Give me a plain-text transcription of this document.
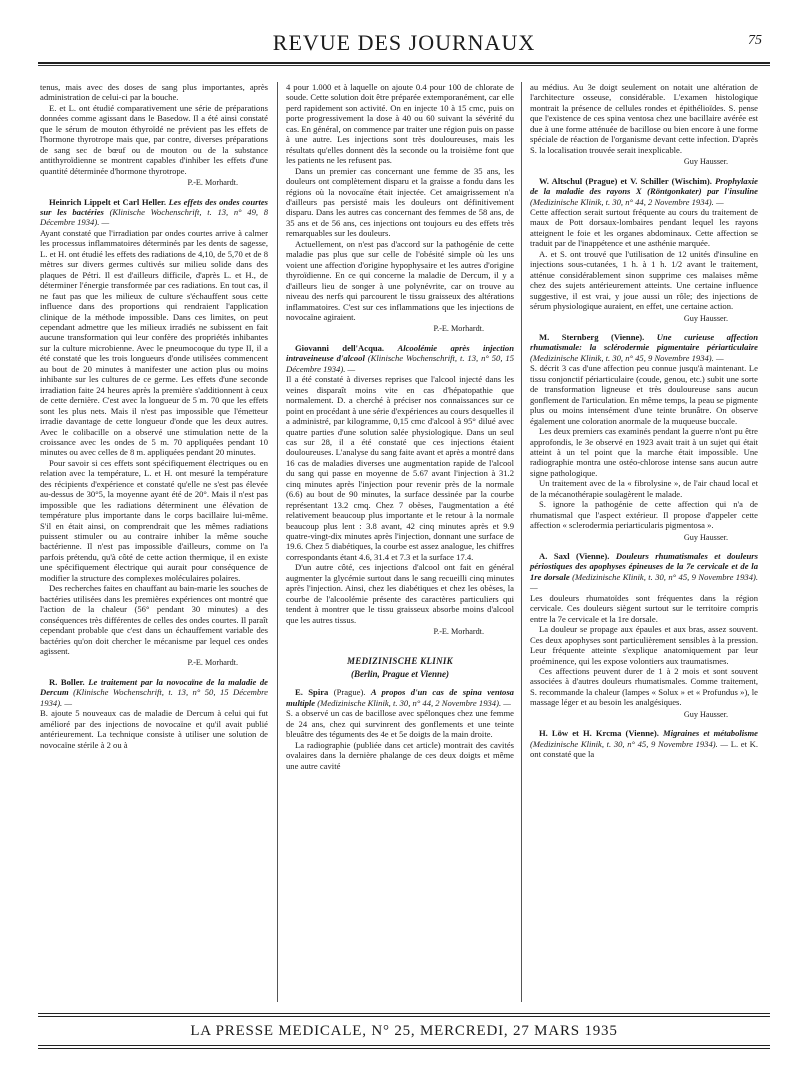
REVUE DES JOURNAUX	75

tenus, mais avec des doses de sang plus importantes, après administration de celui-ci par la bouche.

E. et L. ont étudié comparativement une série de préparations données comme agissant dans le Basedow. Il a été ainsi constaté que le sérum de mouton éthyroïdé ne prévient pas les effets de l'hormone thyrotrope mais que, par contre, diverses préparations de sang sec de bœuf ou de mouton ou de la substance antithyroïdienne se montrent capables d'inhiber les effets d'une quantité déterminée d'hormone thyrotrope.

P.-E. Morhardt.

Heinrich Lippelt et Carl Heller. Les effets des ondes courtes sur les bactéries (Klinische Wochenschrift, t. 13, n° 49, 8 Décembre 1934). —

Ayant constaté que l'irradiation par ondes courtes arrive à calmer les processus inflammatoires déterminés par les dents de sagesse, L. et H. ont étudié les effets des radiations de 4,10, de 5,70 et de 8 mètres sur divers germes cultivés sur milieu solide dans des plaques de Pétri. Il est d'ailleurs difficile, d'après L. et H., de déterminer l'énergie transformée par ces radiations. En tout cas, il ne faut pas que les milieux de culture s'échauffent sous cette influence dans des proportions qui rendraient l'application clinique de la méthode impossible. Dans ces limites, on peut cependant admettre que les milieux irradiés ne subissent en fait aucune transformation qui leur confère des propriétés inhibantes sur la culture microbienne. Avec le pneumocoque du type II, il a été constaté que les trois longueurs d'onde utilisées commencent au bout de 20 minutes à manifester une action plus ou moins inhibante sur les cultures de ce germe. Les effets d'une seconde irradiation faite 24 heures après la première s'additionnent à ceux de cette dernière. C'est avec la longueur de 5 m. 70 que les effets sont les plus nets. Mais il n'est pas impossible que l'émetteur irradie davantage de cette longueur d'onde que les deux autres. Avec le colibacille on a observé une stimulation nette de la croissance avec les ondes de 5 m. 70 appliquées pendant 10 minutes ou avec celles de 8 m. appliquées pendant 20 minutes.

Pour savoir si ces effets sont spécifiquement électriques ou en relation avec la température, L. et H. ont mesuré la température des récipients d'expérience et constaté qu'elle ne s'est pas élevée au-dessus de 30°5, la moyenne ayant été de 20°. Mais il n'est pas impossible que les radiations déterminent une élévation de température plus importante dans le corps bacillaire lui-même. S'il en était ainsi, on comprendrait que les mêmes radiations puissent stimuler ou au contraire inhiber la même souche bactérienne. Il n'est pas impossible d'ailleurs, comme on l'a parfois prétendu, qu'à côté de cette action thermique, il en existe une spécifiquement électrique qui aurait pour conséquence de modifier la structure des complexes moléculaires polaires.

Des recherches faites en chauffant au bain-marie les souches de bactéries utilisées dans les premières expériences ont montré que l'action de la chaleur (56° pendant 30 minutes) a des conséquences très différentes de celles des ondes courtes. Il paraît cependant probable que c'est dans un échauffement variable des bactéries qu'on doit chercher le mécanisme par lequel ces ondes agissent.

P.-E. Morhardt.

R. Boller. Le traitement par la novocaïne de la maladie de Dercum (Klinische Wochenschrift, t. 13, n° 50, 15 Décembre 1934). —

B. ajoute 5 nouveaux cas de maladie de Dercum à celui qui fut amélioré par des injections de novocaïne et qu'il avait publié antérieurement. La technique consiste à utiliser une solution de novocaïne stérile à 2 ou à

4 pour 1.000 et à laquelle on ajoute 0.4 pour 100 de chlorate de soude. Cette solution doit être préparée extemporanément, car elle perd rapidement son activité. On en injecte 10 à 15 cmc, puis on porte progressivement la dose à 40 ou 60 suivant la sévérité du cas. En général, on commence par traiter une région puis on passe à une autre. Les injections sont très douloureuses, mais les résultats qu'elles donnent dès la seconde ou la troisième font que les patients ne les refusent pas.

Dans un premier cas concernant une femme de 35 ans, les douleurs ont complètement disparu et la graisse a fondu dans les régions où la novocaïne était injectée. Cet amaigrissement n'a d'ailleurs pas persisté mais les douleurs ont définitivement disparu. Dans les autres cas concernant des femmes de 58 ans, de 35 ans et de 56 ans, ces injections ont toujours eu des effets très remarquables sur les douleurs.

Actuellement, on n'est pas d'accord sur la pathogénie de cette maladie pas plus que sur celle de l'obésité simple où les uns voient une affection d'origine hypophysaire et les autres d'origine thyroïdienne. En ce qui concerne la maladie de Dercum, il y a d'ailleurs lieu de songer à une polynévrite, car on trouve au niveau des nerfs qui parcourent le tissu graisseux des altérations inflammatoires. C'est sur ces inflammations que les injections de novocaïne agiraient.

P.-E. Morhardt.

Giovanni dell'Acqua. Alcoolémie après injection intraveineuse d'alcool (Klinische Wochenschrift, t. 13, n° 50, 15 Décembre 1934). —

Il a été constaté à diverses reprises que l'alcool injecté dans les veines disparaît moins vite en cas d'hépatopathie que normalement. D. a cherché à préciser nos connaissances sur ce point en procédant à une série d'expériences au cours desquelles il a administré, par kilogramme, 0,15 cmc d'alcool à 95° dilué avec quatre parties d'une solution salée physiologique. Dans un seul cas sur 28, il a été constaté que ces injections étaient douloureuses. L'analyse du sang faite avant et après a montré dans 16 cas de maladies diverses une augmentation rapide de l'alcool du sang qui passe en moyenne de 5.67 avant l'injection à 31.2 cinq minutes après l'injection pour revenir près de la normale (6.6) au bout de 90 minutes, la surface dessinée par la courbe représentant 13.2 cmq. Chez 7 obèses, l'augmentation a été relativement beaucoup plus importante et le retour à la normale beaucoup plus lent : 3.8 avant, 42 cinq minutes après et 9.9 quatre-vingt-dix minutes après l'injection, donnant une surface de 19.6. Chez 5 diabétiques, la courbe est assez analogue, les chiffres correspondants étant 4.6, 31.4 et 7.3 et la surface 17.4.

D'un autre côté, ces injections d'alcool ont fait en général augmenter la glycémie surtout dans le sang recueilli cinq minutes après l'injection. Ainsi, chez les diabétiques et chez les obèses, la courbe de l'alcoolémie présente des caractères particuliers qui tendent à montrer que le tissu graisseux absorbe moins d'alcool que les autres tissus.

P.-E. Morhardt.

MEDIZINISCHE KLINIK

(Berlin, Prague et Vienne)

E. Spira (Prague). A propos d'un cas de spina ventosa multiple (Medizinische Klinik, t. 30, n° 44, 2 Novembre 1934). —

S. a observé un cas de bacillose avec spélonques chez une femme de 24 ans, chez qui survinrent des gonflements et une teinte bleuâtre des téguments des 4e et 5e doigts de la main droite.

La radiographie (publiée dans cet article) montrait des cavités ovalaires dans la dernière phalange de ces deux doigts et même une autre cavité

au médius. Au 3e doigt seulement on notait une altération de l'architecture osseuse, considérable. L'examen histologique montrait la présence de cellules rondes et épithélioïdes. S. pense que l'existence de ces spina ventosa chez une bacillaire avérée est due à une forme atténuée de bacillose ou bien encore à une forme spéciale de réaction de l'organisme devant cette infection. D'après S. la localisation trouvée serait inexplicable.

Guy Hausser.

W. Altschul (Prague) et V. Schiller (Wischim). Prophylaxie de la maladie des rayons X (Röntgonkater) par l'insuline (Medizinische Klinik, t. 30, n° 44, 2 Novembre 1934). —

Cette affection serait surtout fréquente au cours du traitement de maux de Pott dorsaux-lombaires pendant lequel les rayons atteignent le foie et les organes abdominaux. Cette affection se traduit par de l'inappétence et une asthénie marquée.

A. et S. ont trouvé que l'utilisation de 12 unités d'insuline en injections sous-cutanées, 1 h. à 1 h. 1/2 avant le traitement, atténue considérablement sinon supprime ces malaises même chez des sujets antérieurement atteints. Une certaine influence suggestive, il est vrai, y joue aussi un rôle; des injections de sérum physiologique auraient, en effet, une certaine action.

Guy Hausser.

M. Sternberg (Vienne). Une curieuse affection rhumatismale: la sclérodermie pigmentaire périarticulaire (Medizinische Klinik, t. 30, n° 45, 9 Novembre 1934). —

S. décrit 3 cas d'une affection peu connue jusqu'à maintenant. Le tissu conjonctif périarticulaire (coude, genou, etc.) subit une sorte de transformation ligneuse et très douloureuse sans aucun gonflement de l'articulation. En même temps, la peau se pigmente plus ou moins intensément d'une teinte brunâtre. On observe également une coloration anormale de la muqueuse buccale.

Les deux premiers cas examinés pendant la guerre n'ont pu être approfondis, le 3e observé en 1923 avait trait à un sujet qui était atteint à un tel point que la marche était impossible. Une radiographie montra une ostéo-chlorose intense sans aucun autre signe pathologique.

Un traitement avec de la « fibrolysine », de l'air chaud local et de la mécanothérapie soulagèrent le malade.

S. ignore la pathogénie de cette affection qui n'a de rhumatismal que l'aspect extérieur. Il propose d'appeler cette affection « sclerodermia periarticularis pigmentosa ».

Guy Hausser.

A. Saxl (Vienne). Douleurs rhumatismales et douleurs périostiques des apophyses épineuses de la 7e cervicale et de la 1re dorsale (Medizinische Klinik, t. 30, n° 45, 9 Novembre 1934). —

Les douleurs rhumatoïdes sont fréquentes dans la région cervicale. Ces douleurs siègent surtout sur le territoire compris entre la 7e cervicale et la 1re dorsale.

La douleur se propage aux épaules et aux bras, assez souvent. Ces deux apophyses sont particulièrement sensibles à la pression. Leur fréquente atteinte s'explique anatomiquement par leur proéminence, qui les expose volontiers aux traumatismes.

Ces affections peuvent durer de 1 à 2 mois et sont souvent associées à d'autres douleurs rhumatismales. Comme traitement, S. recommande la chaleur (lampes « Solux » et « Profundus »), le massage léger et au besoin les analgésiques.

Guy Hausser.

H. Löw et H. Krcma (Vienne). Migraines et métabolisme (Medizinische Klinik, t. 30, n° 45, 9 Novembre 1934). — L. et K. ont constaté que la

LA PRESSE MEDICALE, N° 25, MERCREDI, 27 MARS 1935
